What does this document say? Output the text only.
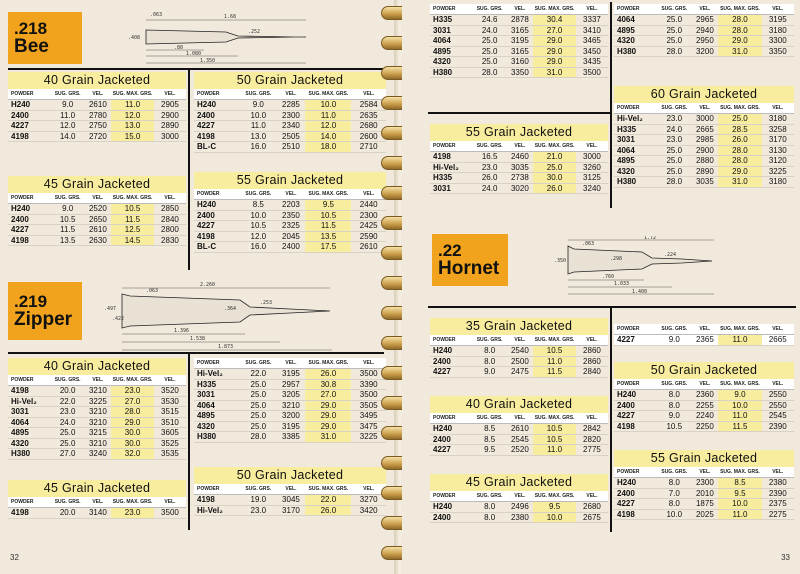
.218
Bee
1.68
.063
.252
.408
.80
1.080
1.350
40 Grain Jacketed
POWDER	SUG. GRS.	VEL.	SUG. MAX. GRS.	VEL.
H240	9.0	2610	11.0	2905
2400	11.0	2780	12.0	2900
4227	12.0	2750	13.0	2890
4198	14.0	2720	15.0	3000
50 Grain Jacketed
POWDER	SUG. GRS.	VEL.	SUG. MAX. GRS.	VEL.
H240	9.0	2285	10.0	2584
2400	10.0	2300	11.0	2635
4227	11.0	2340	12.0	2680
4198	13.0	2505	14.0	2600
BL-C	16.0	2510	18.0	2710
45 Grain Jacketed
POWDER	SUG. GRS.	VEL.	SUG. MAX. GRS.	VEL.
H240	9.0	2520	10.5	2850
2400	10.5	2650	11.5	2840
4227	11.5	2610	12.5	2800
4198	13.5	2630	14.5	2830
55 Grain Jacketed
POWDER	SUG. GRS.	VEL.	SUG. MAX. GRS.	VEL.
H240	8.5	2203	9.5	2440
2400	10.0	2350	10.5	2300
4227	10.5	2325	11.5	2425
4198	12.0	2045	13.5	2590
BL-C	16.0	2400	17.5	2610
.219
Zipper
2.260
.063
.497
.422
.364
.253
1.396
1.538
1.873
40 Grain Jacketed
POWDER	SUG. GRS.	VEL.	SUG. MAX. GRS.	VEL.
4198	20.0	3210	23.0	3520
Hi-Vel₂	22.0	3225	27.0	3530
3031	23.0	3210	28.0	3515
4064	24.0	3210	29.0	3510
4895	25.0	3215	30.0	3605
4320	25.0	3210	30.0	3525
H380	27.0	3240	32.0	3535
POWDER	SUG. GRS.	VEL.	SUG. MAX. GRS.	VEL.
Hi-Vel₂	22.0	3195	26.0	3500
H335	25.0	2957	30.8	3390
3031	25.0	3205	27.0	3500
4064	25.0	3210	29.0	3505
4895	25.0	3200	29.0	3495
4320	25.0	3195	29.0	3475
H380	28.0	3385	31.0	3225
45 Grain Jacketed
POWDER	SUG. GRS.	VEL.	SUG. MAX. GRS.	VEL.
4198	20.0	3140	23.0	3500
50 Grain Jacketed
POWDER	SUG. GRS.	VEL.	SUG. MAX. GRS.	VEL.
4198	19.0	3045	22.0	3270
Hi-Vel₂	23.0	3170	26.0	3420
32
POWDER	SUG. GRS.	VEL.	SUG. MAX. GRS.	VEL.
H335	24.6	2878	30.4	3337
3031	24.0	3165	27.0	3410
4064	25.0	3195	29.0	3465
4895	25.0	3165	29.0	3450
4320	25.0	3160	29.0	3435
H380	28.0	3350	31.0	3500
POWDER	SUG. GRS.	VEL.	SUG. MAX. GRS.	VEL.
4064	25.0	2965	28.0	3195
4895	25.0	2940	28.0	3180
4320	25.0	2950	29.0	3300
H380	28.0	3200	31.0	3350
55 Grain Jacketed
POWDER	SUG. GRS.	VEL.	SUG. MAX. GRS.	VEL.
4198	16.5	2460	21.0	3000
Hi-Vel₂	23.0	3035	25.0	3260
H335	26.0	2738	30.0	3125
3031	24.0	3020	26.0	3240
60 Grain Jacketed
POWDER	SUG. GRS.	VEL.	SUG. MAX. GRS.	VEL.
Hi-Vel₂	23.0	3000	25.0	3180
H335	24.0	2665	28.5	3258
3031	23.0	2985	26.0	3170
4064	25.0	2900	28.0	3130
4895	25.0	2880	28.0	3120
4320	25.0	2890	29.0	3225
H380	28.0	3035	31.0	3180
.22
Hornet
1.72
.063
.350	.298
.224
.760
1.033
1.400
35 Grain Jacketed
POWDER	SUG. GRS.	VEL.	SUG. MAX. GRS.	VEL.
H240	8.0	2540	10.5	2860
2400	8.0	2500	11.0	2860
4227	9.0	2475	11.5	2840
POWDER	SUG. GRS.	VEL.	SUG. MAX. GRS.	VEL.
4227	9.0	2365	11.0	2665
40 Grain Jacketed
POWDER	SUG. GRS.	VEL.	SUG. MAX. GRS.	VEL.
H240	8.5	2610	10.5	2842
2400	8.5	2545	10.5	2820
4227	9.5	2520	11.0	2775
50 Grain Jacketed
POWDER	SUG. GRS.	VEL.	SUG. MAX. GRS.	VEL.
H240	8.0	2360	9.0	2550
2400	8.0	2255	10.0	2550
4227	9.0	2240	11.0	2545
4198	10.5	2250	11.5	2390
45 Grain Jacketed
POWDER	SUG. GRS.	VEL.	SUG. MAX. GRS.	VEL.
H240	8.0	2496	9.5	2680
2400	8.0	2380	10.0	2675
55 Grain Jacketed
POWDER	SUG. GRS.	VEL.	SUG. MAX. GRS.	VEL.
H240	8.0	2300	8.5	2380
2400	7.0	2010	9.5	2390
4227	8.0	1875	10.0	2375
4198	10.0	2025	11.0	2275
33
